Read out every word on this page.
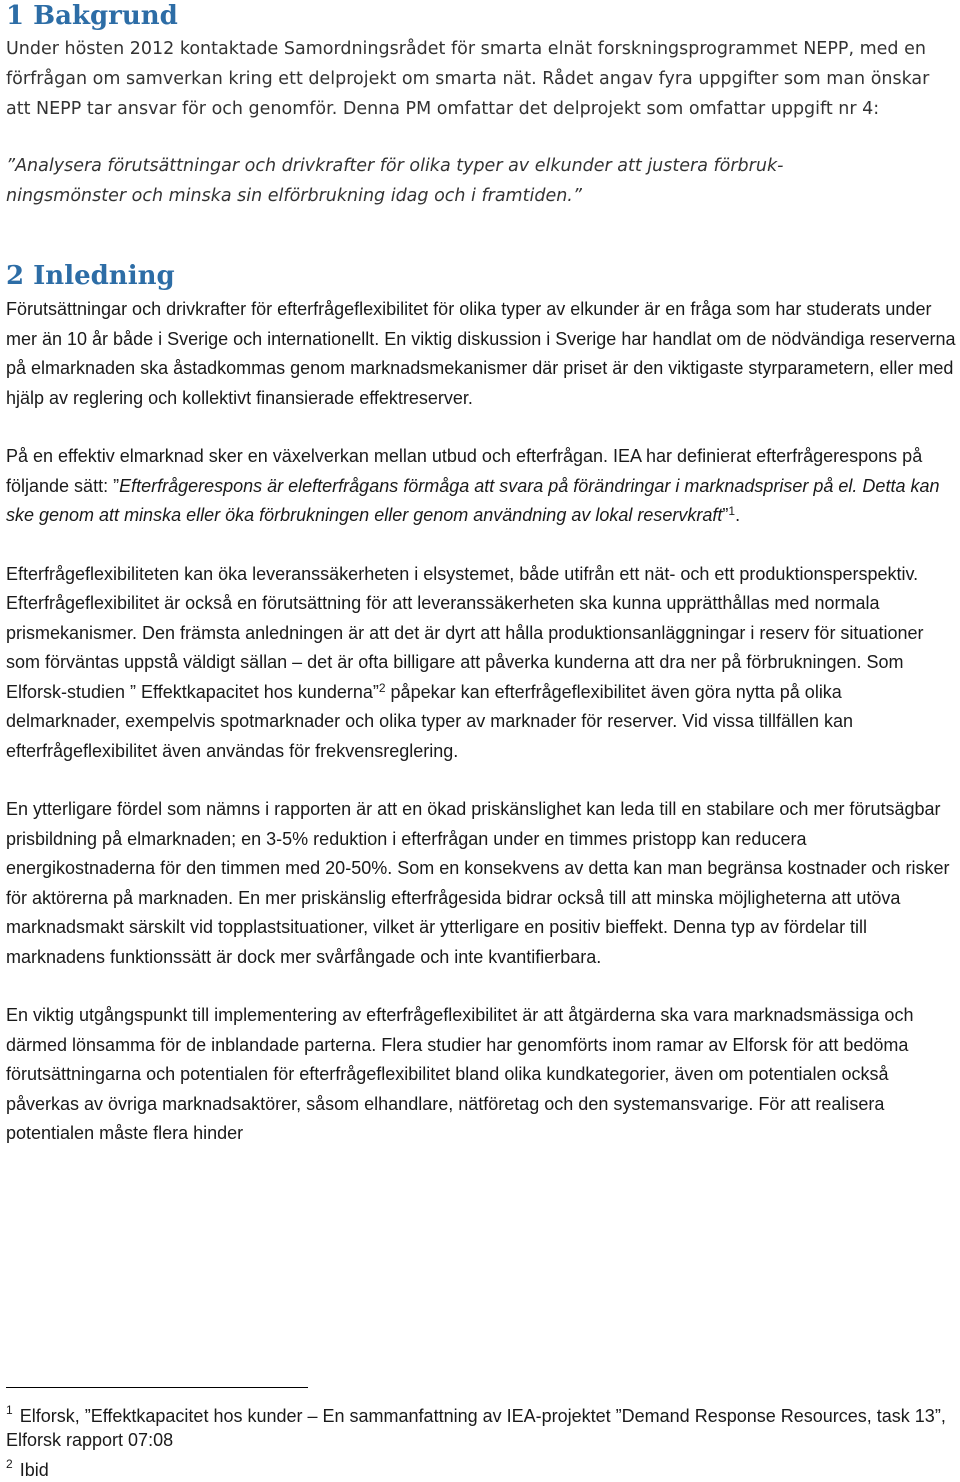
1 Bakgrund

Under hösten 2012 kontaktade Samordningsrådet för smarta elnät forskningsprogrammet NEPP, med en förfrågan om samverkan kring ett delprojekt om smarta nät. Rådet angav fyra uppgifter som man önskar att NEPP tar ansvar för och genomför. Denna PM omfattar det delprojekt som omfattar uppgift nr 4:

”Analysera förutsättningar och drivkrafter för olika typer av elkunder att justera förbruk-ningsmönster och minska sin elförbrukning idag och i framtiden.”

2 Inledning

Förutsättningar och drivkrafter för efterfrågeflexibilitet för olika typer av elkunder är en fråga som har studerats under mer än 10 år både i Sverige och internationellt. En viktig diskussion i Sverige har handlat om de nödvändiga reserverna på elmarknaden ska åstadkommas genom marknadsmekanismer där priset är den viktigaste styrparametern, eller med hjälp av reglering och kollektivt finansierade effektreserver.

På en effektiv elmarknad sker en växelverkan mellan utbud och efterfrågan. IEA har definierat efterfrågerespons på följande sätt: ”Efterfrågerespons är elefterfrågans förmåga att svara på förändringar i marknadspriser på el. Detta kan ske genom att minska eller öka förbrukningen eller genom användning av lokal reservkraft”$^1$.

Efterfrågeflexibiliteten kan öka leveranssäkerheten i elsystemet, både utifrån ett nät- och ett produktionsperspektiv. Efterfrågeflexibilitet är också en förutsättning för att leveranssäkerheten ska kunna upprätthållas med normala prismekanismer. Den främsta anledningen är att det är dyrt att hålla produktionsanläggningar i reserv för situationer som förväntas uppstå väldigt sällan – det är ofta billigare att påverka kunderna att dra ner på förbrukningen. Som Elforsk-studien ” Effektkapacitet hos kunderna”$^2$ påpekar kan efterfrågeflexibilitet även göra nytta på olika delmarknader, exempelvis spotmarknader och olika typer av marknader för reserver. Vid vissa tillfällen kan efterfrågeflexibilitet även användas för frekvensreglering.

En ytterligare fördel som nämns i rapporten är att en ökad priskänslighet kan leda till en stabilare och mer förutsägbar prisbildning på elmarknaden; en 3-5% reduktion i efterfrågan under en timmes pristopp kan reducera energikostnaderna för den timmen med 20-50%. Som en konsekvens av detta kan man begränsa kostnader och risker för aktörerna på marknaden. En mer priskänslig efterfrågesida bidrar också till att minska möjligheterna att utöva marknadsmakt särskilt vid topplastsituationer, vilket är ytterligare en positiv bieffekt. Denna typ av fördelar till marknadens funktionssätt är dock mer svårfångade och inte kvantifierbara.

En viktig utgångspunkt till implementering av efterfrågeflexibilitet är att åtgärderna ska vara marknadsmässiga och därmed lönsamma för de inblandade parterna. Flera studier har genomförts inom ramar av Elforsk för att bedöma förutsättningarna och potentialen för efterfrågeflexibilitet bland olika kundkategorier, även om potentialen också påverkas av övriga marknadsaktörer, såsom elhandlare, nätföretag och den systemansvarige. För att realisera potentialen måste flera hinder

$^1$ Elforsk, ”Effektkapacitet hos kunder – En sammanfattning av IEA-projektet ”Demand Response Resources, task 13”, Elforsk rapport 07:08
$^2$ Ibid
